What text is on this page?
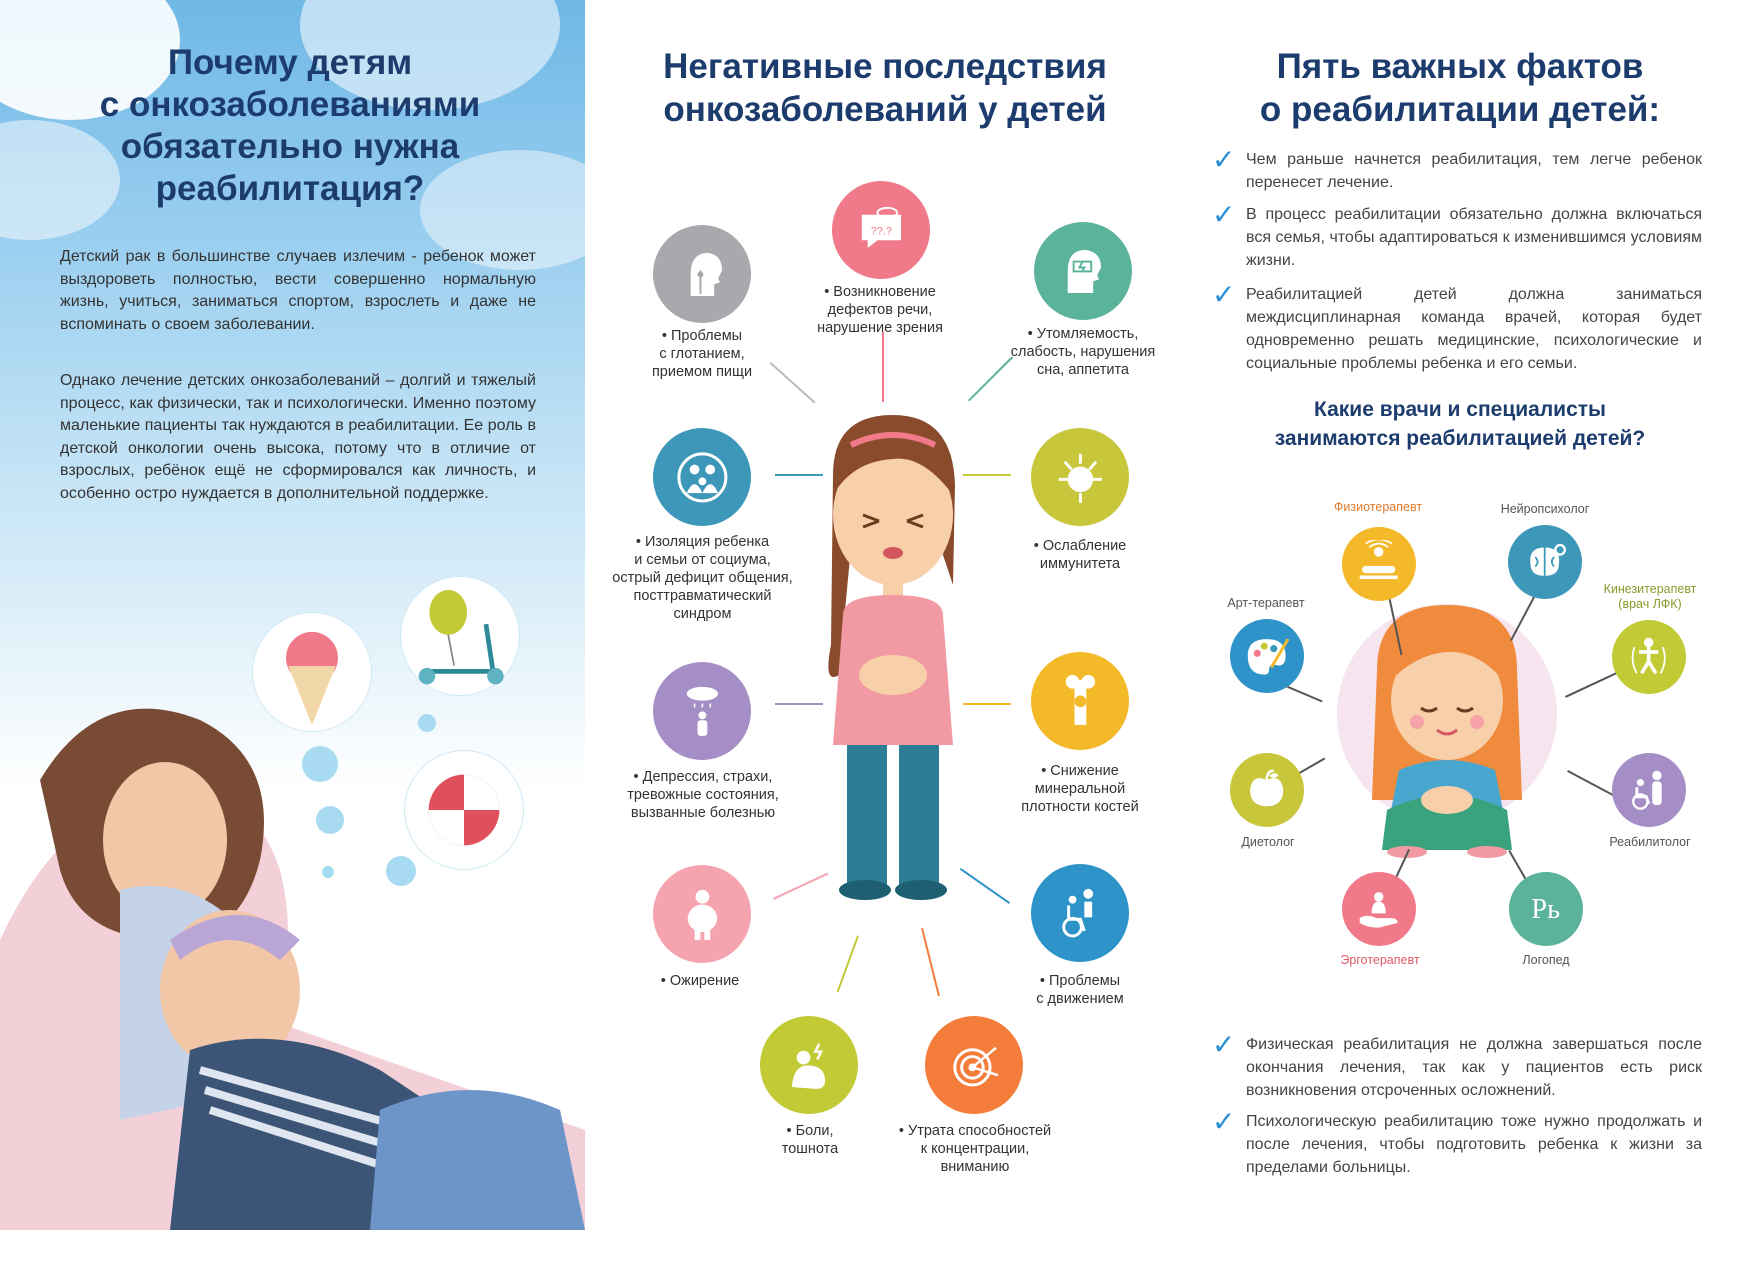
Почему детям
с онкозаболеваниями
обязательно нужна
реабилитация?
Детский рак в большинстве случаев излечим - ребенок может выздороветь полностью, вести совершенно нормальную жизнь, учиться, заниматься спортом, взрослеть и даже не вспоминать о своем заболевании.
Однако лечение детских онкозаболеваний – долгий и тяжелый процесс, как физически, так и психологически. Именно поэтому маленькие пациенты так нуждаются в реабилитации. Ее роль в детской онкологии очень высока, потому что в отличие от взрослых, ребёнок ещё не сформировался как личность, и особенно остро нуждается в дополнительной поддержке.
Негативные последствия
онкозаболеваний у детей
??.?
• Возникновение
дефектов речи,
нарушение зрения
• Проблемы
с глотанием,
приемом пищи
• Утомляемость,
слабость, нарушения
сна, аппетита
• Изоляция ребенка
и семьи от социума,
острый дефицит общения,
посттравматический
синдром
• Ослабление
иммунитета
• Депрессия, страхи,
тревожные состояния,
вызванные болезнью
• Снижение
минеральной
плотности костей
• Ожирение	• Проблемы
с движением
• Боли,
тошнота
• Утрата способностей
к концентрации,
вниманию
Пять важных фактов
о реабилитации детей:
✓ Чем раньше начнется реабилитация, тем легче ребенок перенесет лечение.
✓ В процесс реабилитации обязательно должна включаться вся семья, чтобы адаптироваться к изменившимся условиям жизни.
✓ Реабилитацией детей должна заниматься междисциплинарная команда врачей, которая будет одновременно решать медицинские, психологические и социальные проблемы ребенка и его семьи.
Какие врачи и специалисты
занимаются реабилитацией детей?
Рь
Физиотерапевт	Нейропсихолог
Кинезитерапевт
(врач ЛФК)
Арт-терапевт
Реабилитолог
Диетолог
Эрготерапевт	Логопед
✓ Физическая реабилитация не должна завершаться после окончания лечения, так как у пациентов есть риск возникновения отсроченных осложнений.
✓ Психологическую реабилитацию тоже нужно продолжать и после лечения, чтобы подготовить ребенка к жизни за пределами больницы.
